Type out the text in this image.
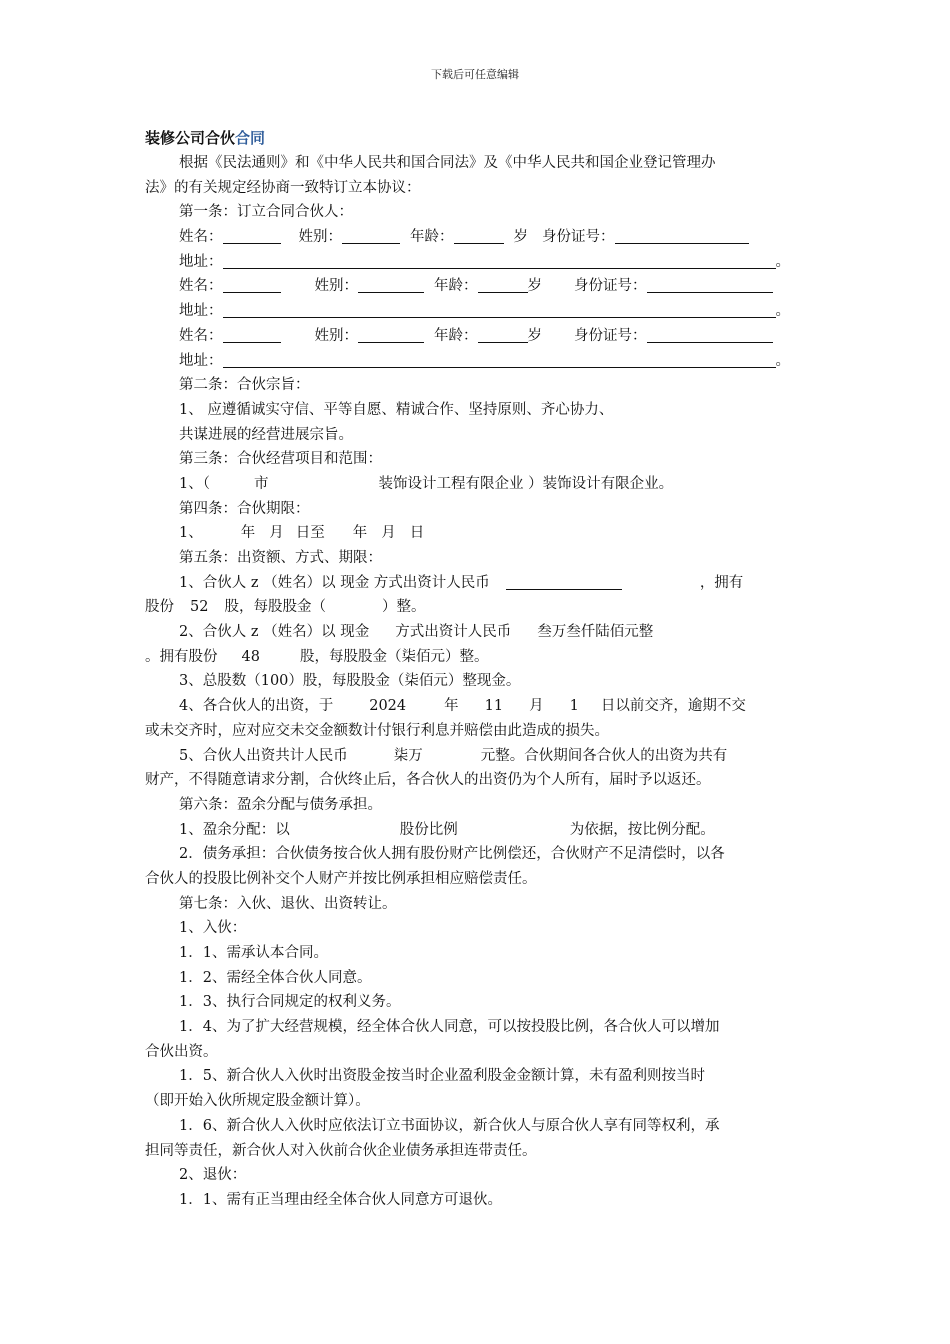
下载后可任意编辑
装修公司合伙合同
根据《民法通则》和《中华人民共和国合同法》及《中华人民共和国企业登记管理办
法》的有关规定经协商一致特订立本协议：
第一条：订立合同合伙人：
姓名：	姓别：	年龄：	岁 身份证号：
地址：	。
姓名：	姓别：	年龄：	岁 身份证号：
地址：	。
姓名：	姓别：	年龄：	岁 身份证号：
地址：	。
第二条：合伙宗旨：
1、 应遵循诚实守信、平等自愿、精诚合作、坚持原则、齐心协力、
共谋进展的经营进展宗旨。
第三条：合伙经营项目和范围：
1、（	市	装饰设计工程有限企业 ）装饰设计有限企业。
第四条：合伙期限：
1、	年 月 日至 年 月 日
第五条：出资额、方式、期限：
1、合伙人 z （姓名）以 现金 方式出资计人民币	，拥有
股份 52 股，每股股金（	）整。
2、合伙人 z （姓名）以 现金 方式出资计人民币 叁万叁仟陆佰元整
。拥有股份 48	股，每股股金（柒佰元）整。
3、总股数（100）股，每股股金（柒佰元）整现金。
4、各合伙人的出资，于 2024	年 11 月 1 日以前交齐，逾期不交
或未交齐时，应对应交未交金额数计付银行利息并赔偿由此造成的损失。
5、合伙人出资共计人民币	柒万	元整。合伙期间各合伙人的出资为共有
财产，不得随意请求分割，合伙终止后，各合伙人的出资仍为个人所有，届时予以返还。
第六条：盈余分配与债务承担。
1、盈余分配：以	股份比例	为依据，按比例分配。
2．债务承担：合伙债务按合伙人拥有股份财产比例偿还，合伙财产不足清偿时，以各
合伙人的投股比例补交个人财产并按比例承担相应赔偿责任。
第七条：入伙、退伙、出资转让。
1、入伙：
1．1、需承认本合同。
1．2、需经全体合伙人同意。
1．3、执行合同规定的权利义务。
1．4、为了扩大经营规模，经全体合伙人同意，可以按投股比例，各合伙人可以增加
合伙出资。
1．5、新合伙人入伙时出资股金按当时企业盈利股金金额计算，未有盈利则按当时
（即开始入伙所规定股金额计算）。
1．6、新合伙人入伙时应依法订立书面协议，新合伙人与原合伙人享有同等权利，承
担同等责任，新合伙人对入伙前合伙企业债务承担连带责任。
2、退伙：
1．1、需有正当理由经全体合伙人同意方可退伙。
